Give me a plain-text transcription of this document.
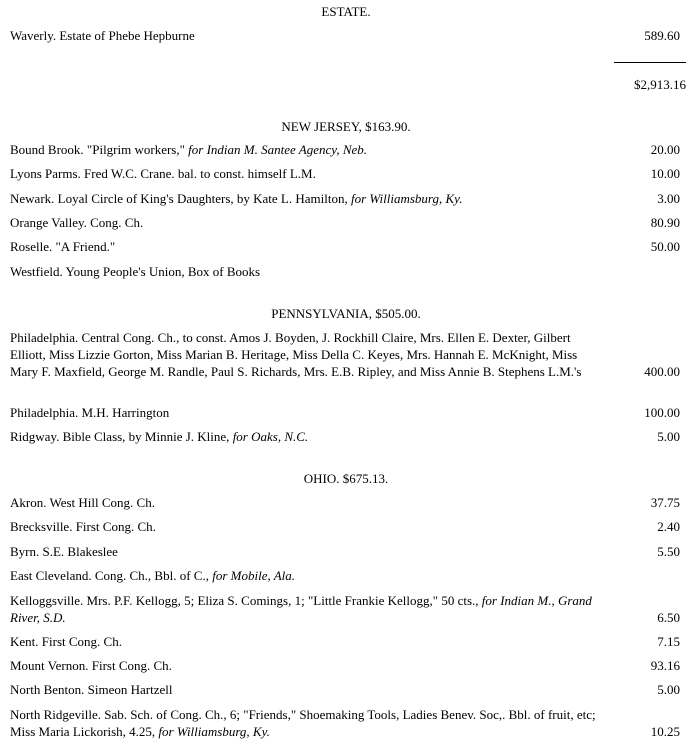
ESTATE.
Waverly. Estate of Phebe Hepburne	589.60
$2,913.16
NEW JERSEY, $163.90.
Bound Brook. "Pilgrim workers," for Indian M. Santee Agency, Neb.	20.00
Lyons Parms. Fred W.C. Crane. bal. to const. himself L.M.	10.00
Newark. Loyal Circle of King's Daughters, by Kate L. Hamilton, for Williamsburg, Ky.	3.00
Orange Valley. Cong. Ch.	80.90
Roselle. "A Friend."	50.00
Westfield. Young People's Union, Box of Books
PENNSYLVANIA, $505.00.
Philadelphia. Central Cong. Ch., to const. Amos J. Boyden, J. Rockhill Claire, Mrs. Ellen E. Dexter, Gilbert Elliott, Miss Lizzie Gorton, Miss Marian B. Heritage, Miss Della C. Keyes, Mrs. Hannah E. McKnight, Miss Mary F. Maxfield, George M. Randle, Paul S. Richards, Mrs. E.B. Ripley, and Miss Annie B. Stephens L.M.'s	400.00
Philadelphia. M.H. Harrington	100.00
Ridgway. Bible Class, by Minnie J. Kline, for Oaks, N.C.	5.00
OHIO. $675.13.
Akron. West Hill Cong. Ch.	37.75
Brecksville. First Cong. Ch.	2.40
Byrn. S.E. Blakeslee	5.50
East Cleveland. Cong. Ch., Bbl. of C., for Mobile, Ala.
Kelloggsville. Mrs. P.F. Kellogg, 5; Eliza S. Comings, 1; "Little Frankie Kellogg," 50 cts., for Indian M., Grand River, S.D.	6.50
Kent. First Cong. Ch.	7.15
Mount Vernon. First Cong. Ch.	93.16
North Benton. Simeon Hartzell	5.00
North Ridgeville. Sab. Sch. of Cong. Ch., 6; "Friends," Shoemaking Tools, Ladies Benev. Soc,. Bbl. of fruit, etc; Miss Maria Lickorish, 4.25, for Williamsburg, Ky.	10.25
